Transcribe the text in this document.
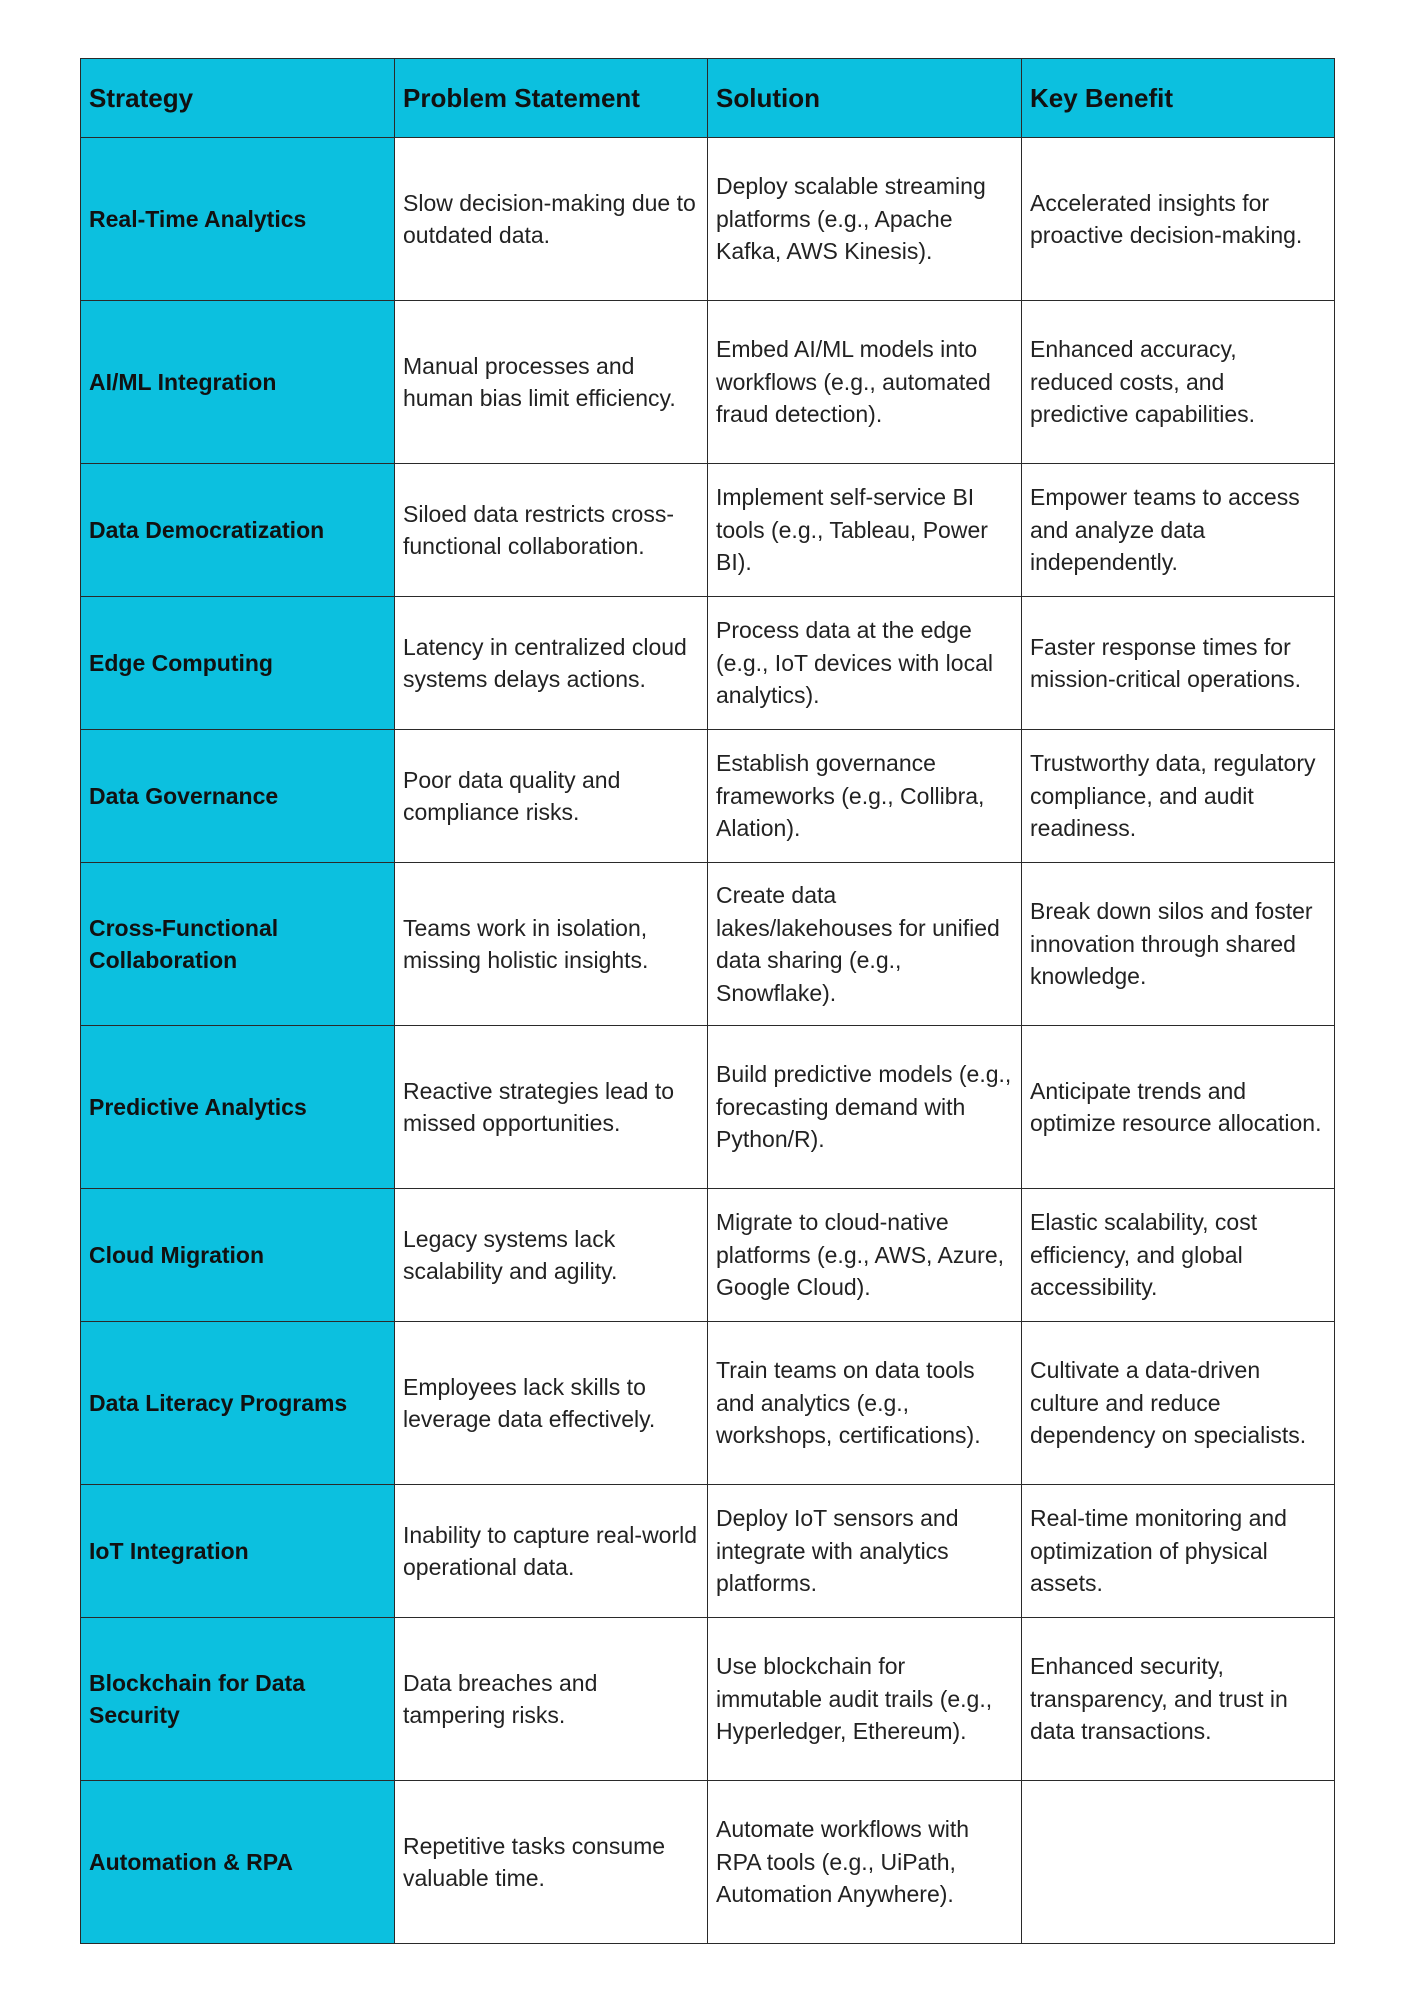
Strategy	Problem Statement	Solution	Key Benefit
Real-Time Analytics	Slow decision-making due to outdated data.	Deploy scalable streaming platforms (e.g., Apache Kafka, AWS Kinesis).	Accelerated insights for proactive decision-making.
AI/ML Integration	Manual processes and human bias limit efficiency.	Embed AI/ML models into workflows (e.g., automated fraud detection).	Enhanced accuracy, reduced costs, and predictive capabilities.
Data Democratization	Siloed data restricts cross-functional collaboration.	Implement self-service BI tools (e.g., Tableau, Power BI).	Empower teams to access and analyze data independently.
Edge Computing	Latency in centralized cloud systems delays actions.	Process data at the edge (e.g., IoT devices with local analytics).	Faster response times for mission-critical operations.
Data Governance	Poor data quality and compliance risks.	Establish governance frameworks (e.g., Collibra, Alation).	Trustworthy data, regulatory compliance, and audit readiness.
Cross-Functional Collaboration	Teams work in isolation, missing holistic insights.	Create data lakes/lakehouses for unified data sharing (e.g., Snowflake).	Break down silos and foster innovation through shared knowledge.
Predictive Analytics	Reactive strategies lead to missed opportunities.	Build predictive models (e.g., forecasting demand with Python/R).	Anticipate trends and optimize resource allocation.
Cloud Migration	Legacy systems lack scalability and agility.	Migrate to cloud-native platforms (e.g., AWS, Azure, Google Cloud).	Elastic scalability, cost efficiency, and global accessibility.
Data Literacy Programs	Employees lack skills to leverage data effectively.	Train teams on data tools and analytics (e.g., workshops, certifications).	Cultivate a data-driven culture and reduce dependency on specialists.
IoT Integration	Inability to capture real-world operational data.	Deploy IoT sensors and integrate with analytics platforms.	Real-time monitoring and optimization of physical assets.
Blockchain for Data Security	Data breaches and tampering risks.	Use blockchain for immutable audit trails (e.g., Hyperledger, Ethereum).	Enhanced security, transparency, and trust in data transactions.
Automation & RPA	Repetitive tasks consume valuable time.	Automate workflows with RPA tools (e.g., UiPath, Automation Anywhere).	
